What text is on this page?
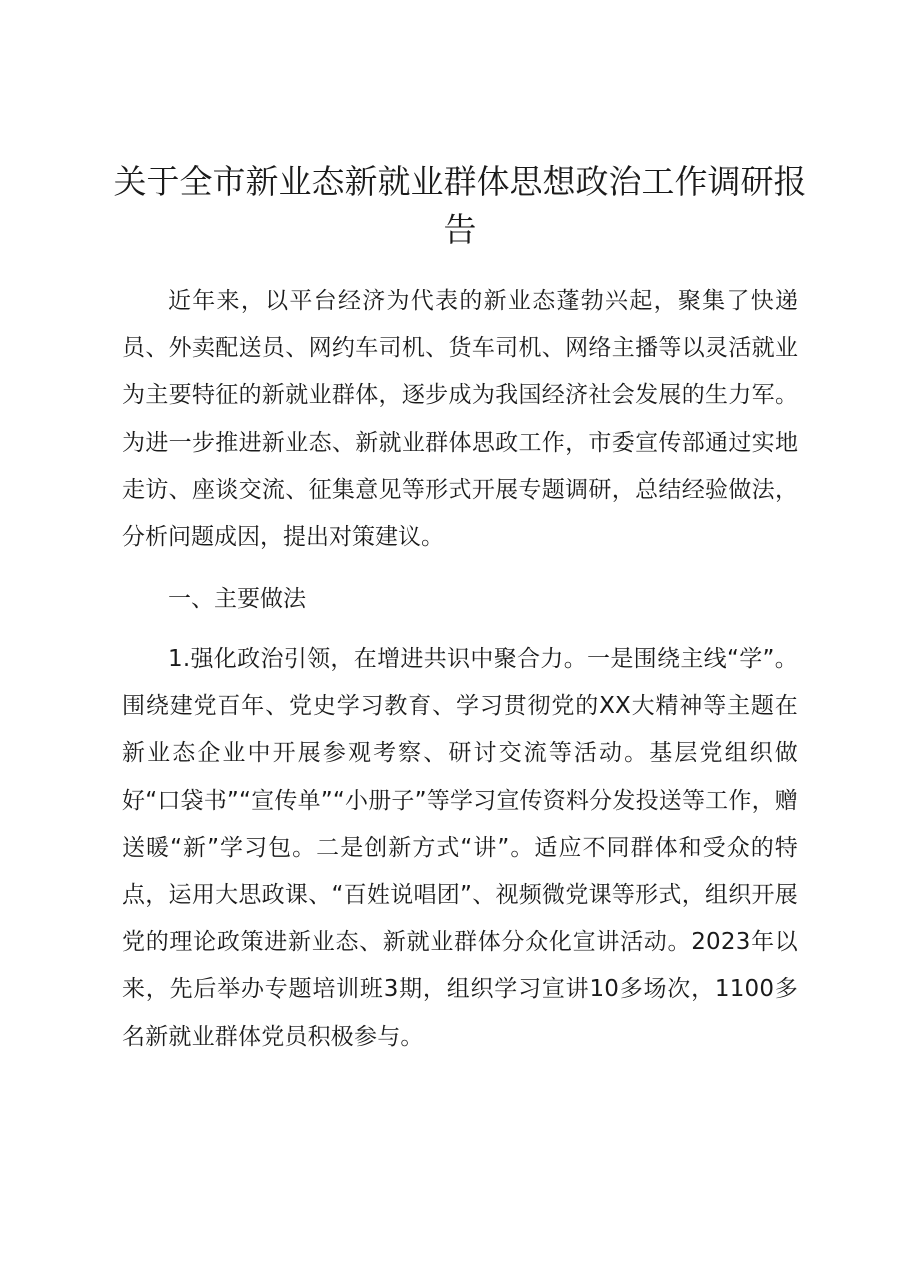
关于全市新业态新就业群体思想政治工作调研报告

近年来，以平台经济为代表的新业态蓬勃兴起，聚集了快递员、外卖配送员、网约车司机、货车司机、网络主播等以灵活就业为主要特征的新就业群体，逐步成为我国经济社会发展的生力军。为进一步推进新业态、新就业群体思政工作，市委宣传部通过实地走访、座谈交流、征集意见等形式开展专题调研，总结经验做法，分析问题成因，提出对策建议。

一、主要做法

1.强化政治引领，在增进共识中聚合力。一是围绕主线“学”。围绕建党百年、党史学习教育、学习贯彻党的XX大精神等主题在新业态企业中开展参观考察、研讨交流等活动。基层党组织做好“口袋书”“宣传单”“小册子”等学习宣传资料分发投送等工作，赠送暖“新”学习包。二是创新方式“讲”。适应不同群体和受众的特点，运用大思政课、“百姓说唱团”、视频微党课等形式，组织开展党的理论政策进新业态、新就业群体分众化宣讲活动。2023年以来，先后举办专题培训班3期，组织学习宣讲10多场次，1100多名新就业群体党员积极参与。
